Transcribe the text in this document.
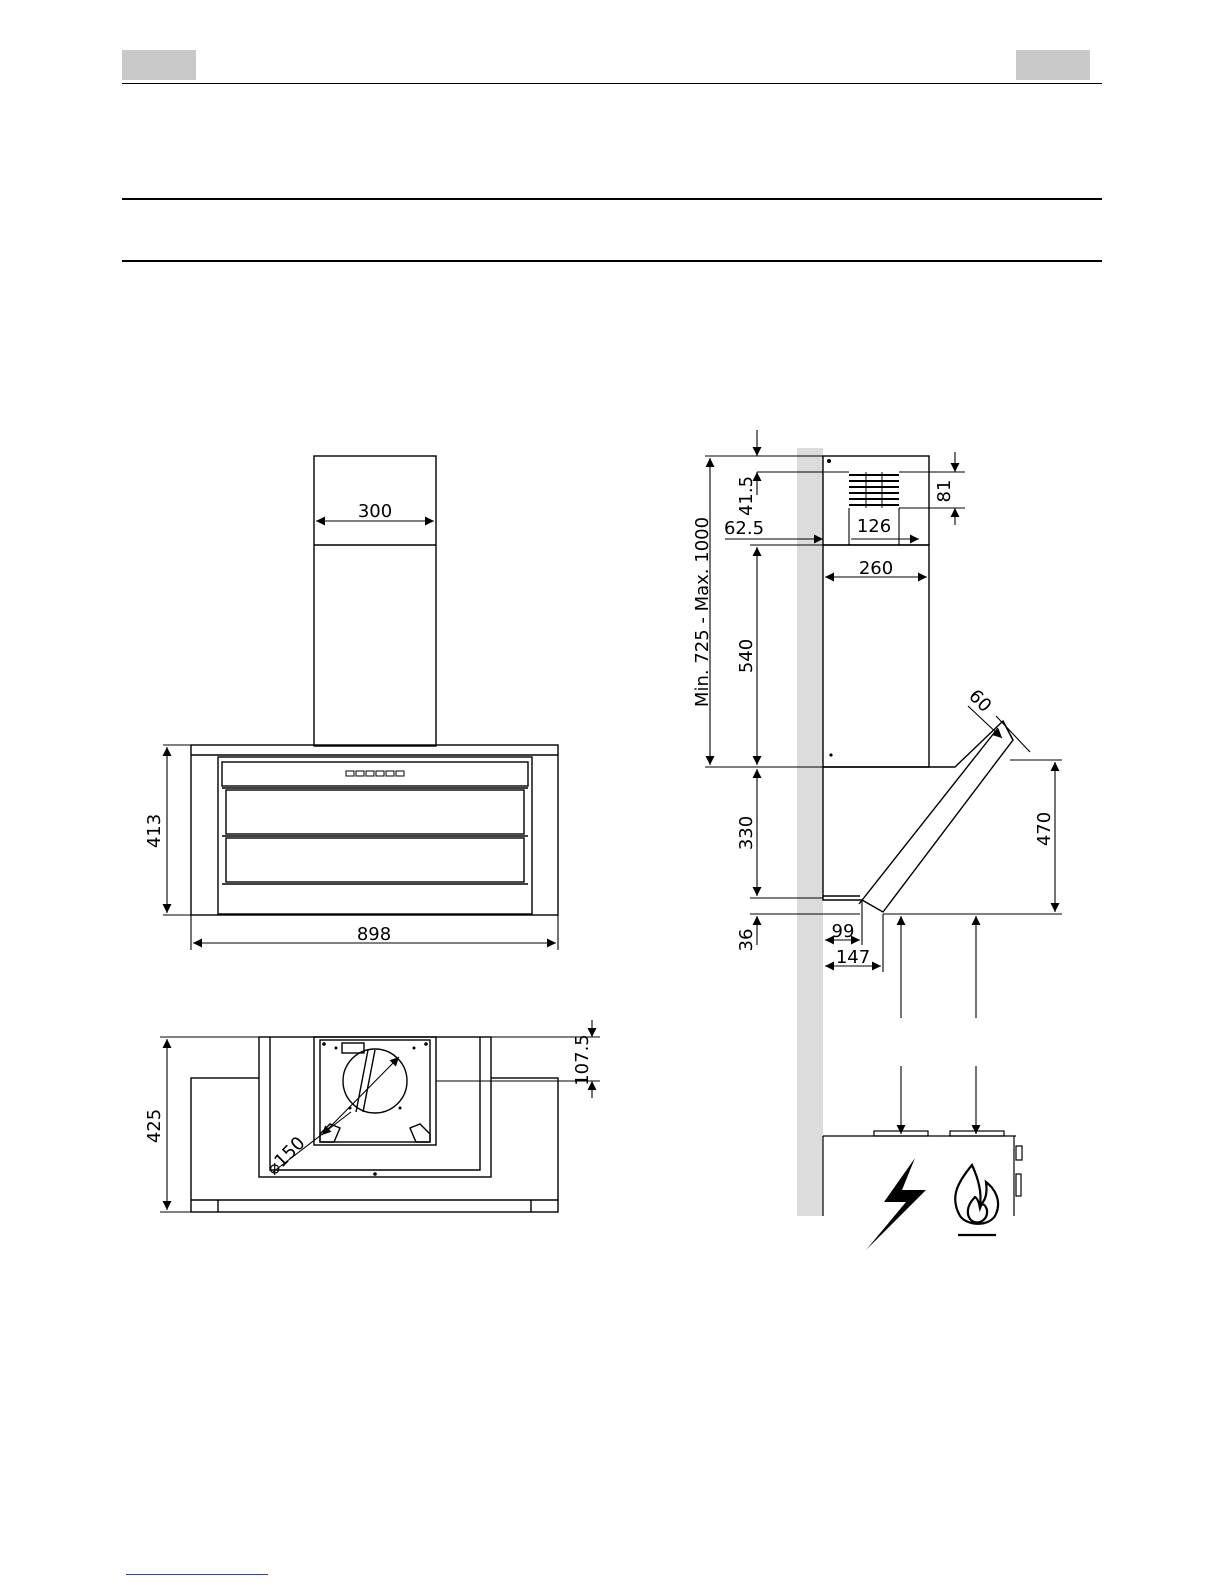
300
413
898
425
107.5
⌀150
Min. 725 - Max. 1000
41.5	81
62.5	126
260
540
60
330	470
36	99
147
